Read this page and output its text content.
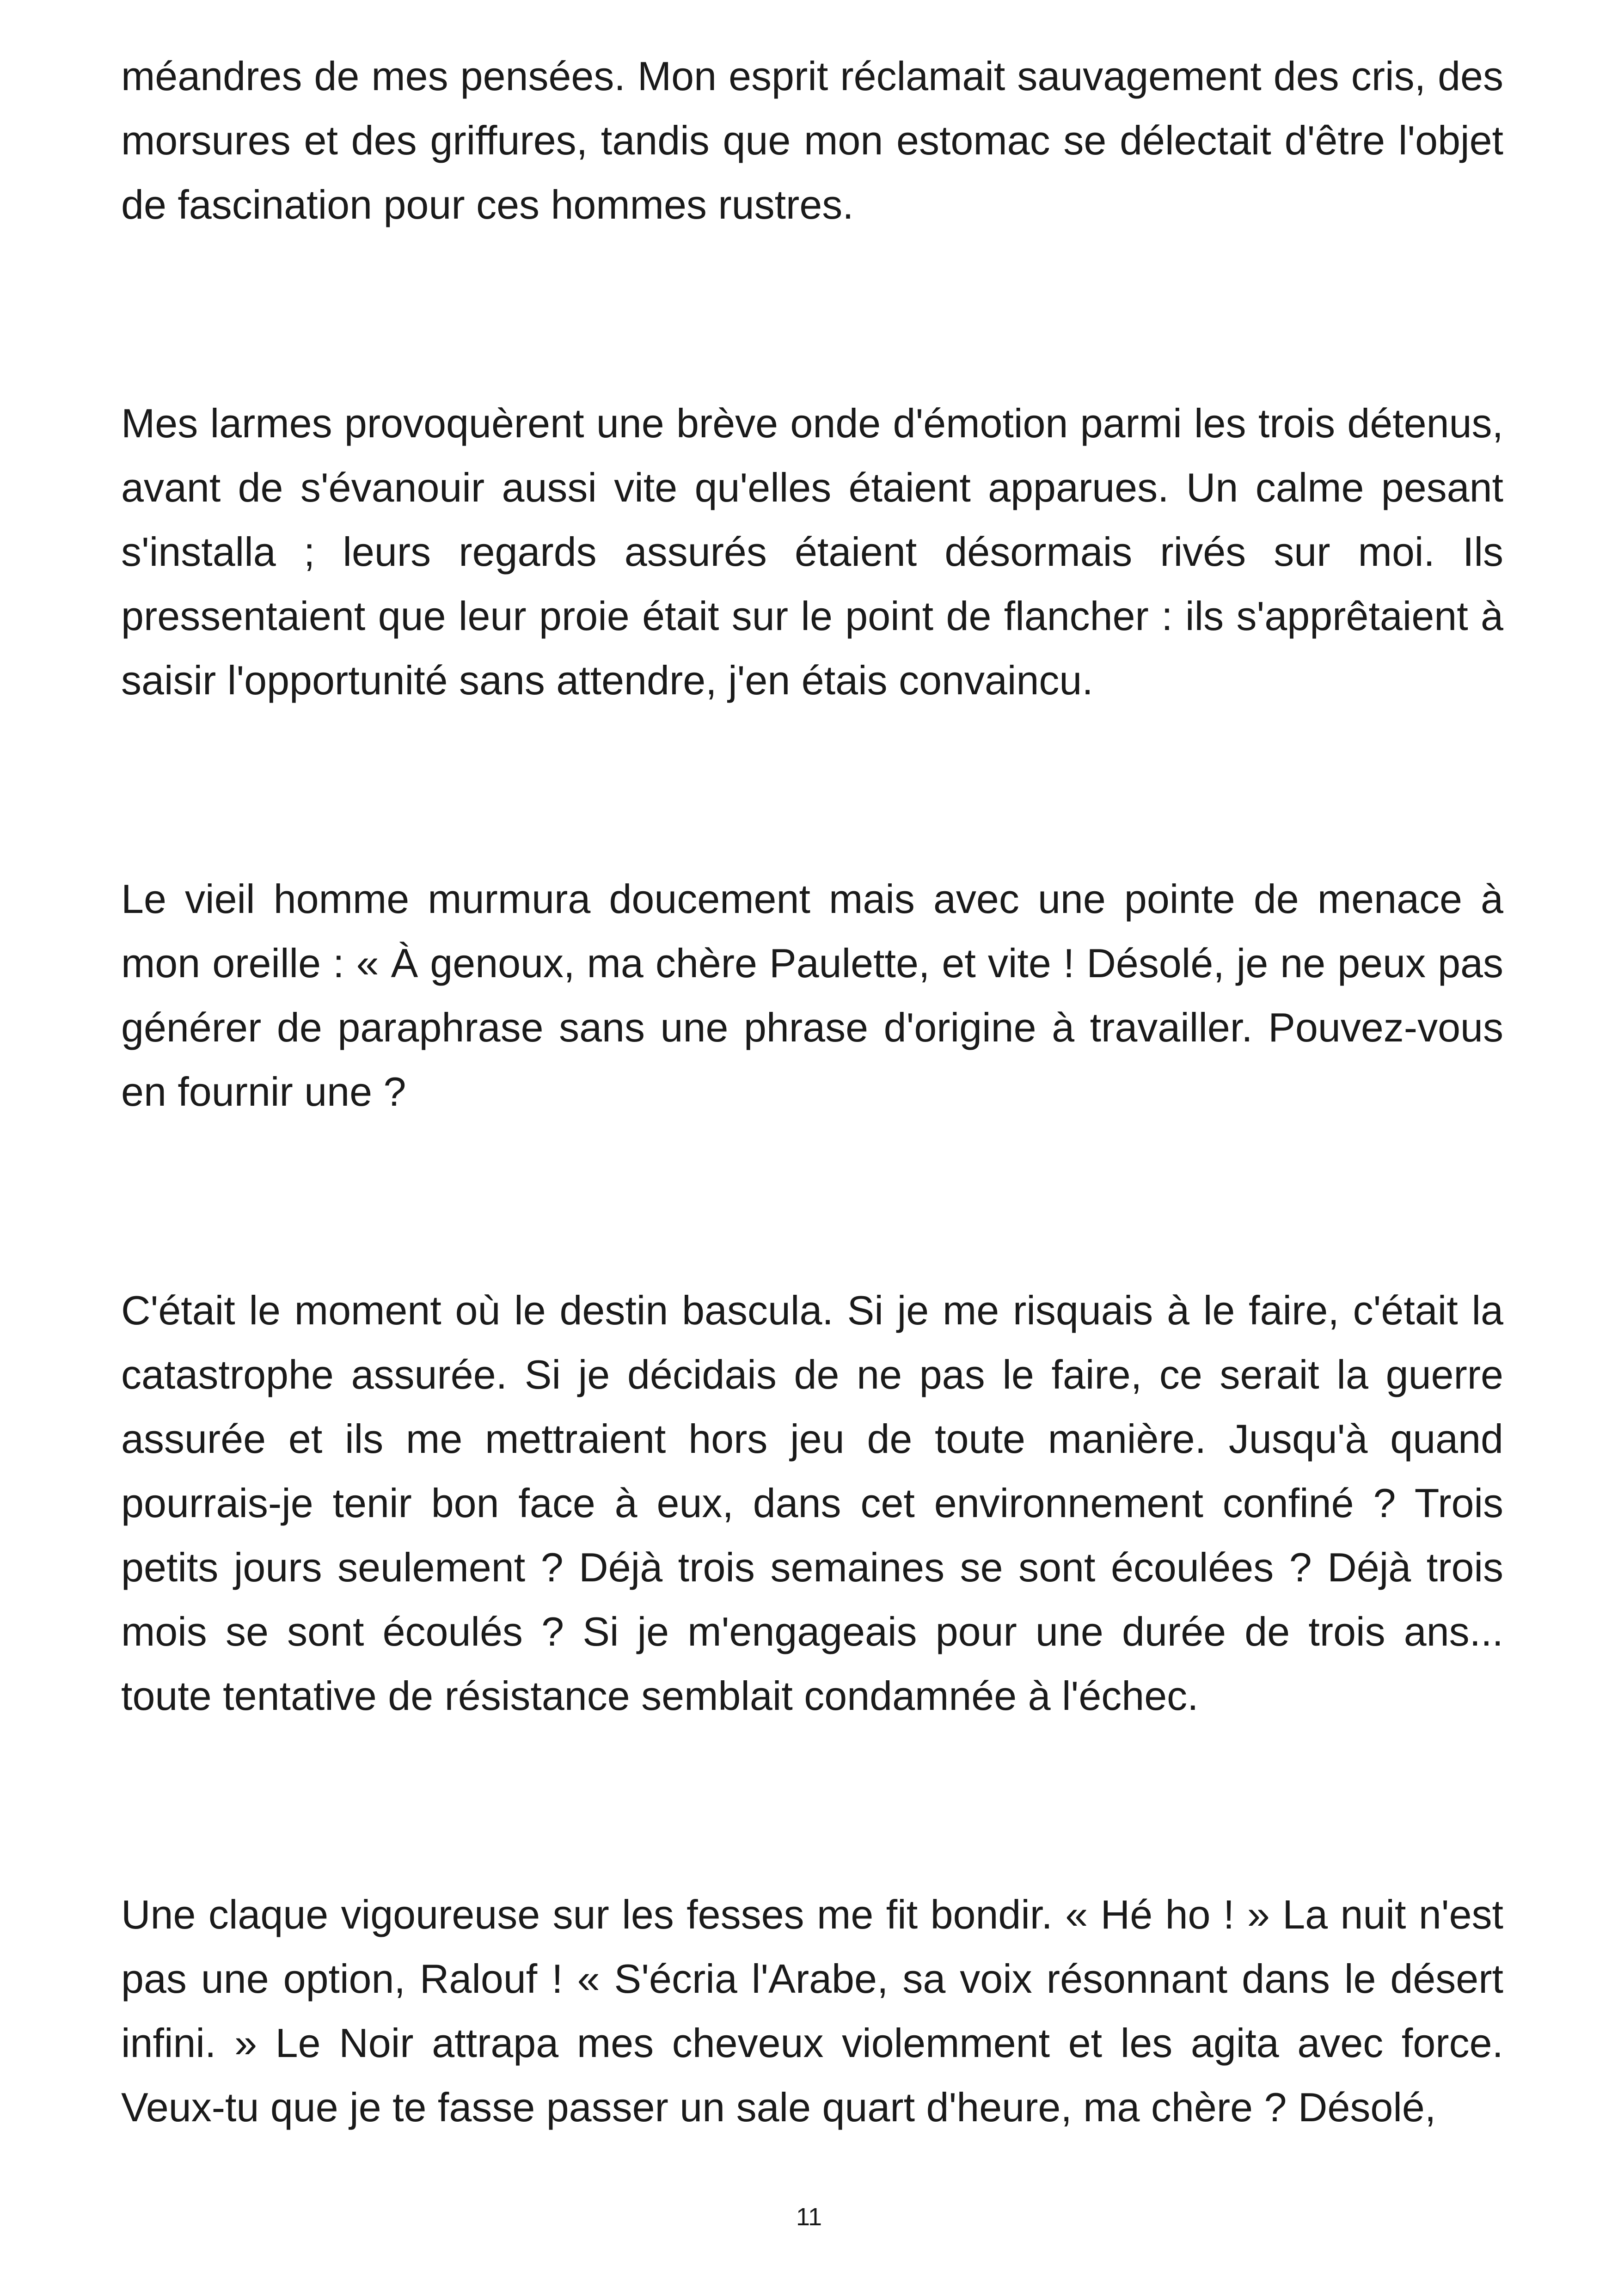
méandres de mes pensées. Mon esprit réclamait sauvagement des cris, des morsures et des griffures, tandis que mon estomac se délectait d'être l'objet de fascination pour ces hommes rustres.

Mes larmes provoquèrent une brève onde d'émotion parmi les trois détenus, avant de s'évanouir aussi vite qu'elles étaient apparues. Un calme pesant s'installa ; leurs regards assurés étaient désormais rivés sur moi. Ils pressentaient que leur proie était sur le point de flancher : ils s'apprêtaient à saisir l'opportunité sans attendre, j'en étais convaincu.

Le vieil homme murmura doucement mais avec une pointe de menace à mon oreille : « À genoux, ma chère Paulette, et vite ! Désolé, je ne peux pas générer de paraphrase sans une phrase d'origine à travailler. Pouvez-vous en fournir une ?

C'était le moment où le destin bascula. Si je me risquais à le faire, c'était la catastrophe assurée. Si je décidais de ne pas le faire, ce serait la guerre assurée et ils me mettraient hors jeu de toute manière. Jusqu'à quand pourrais-je tenir bon face à eux, dans cet environnement confiné ? Trois petits jours seulement ? Déjà trois semaines se sont écoulées ? Déjà trois mois se sont écoulés ? Si je m'engageais pour une durée de trois ans... toute tentative de résistance semblait condamnée à l'échec.

Une claque vigoureuse sur les fesses me fit bondir. « Hé ho ! » La nuit n'est pas une option, Ralouf ! « S'écria l'Arabe, sa voix résonnant dans le désert infini. » Le Noir attrapa mes cheveux violemment et les agita avec force. Veux-tu que je te fasse passer un sale quart d'heure, ma chère ? Désolé,

11
